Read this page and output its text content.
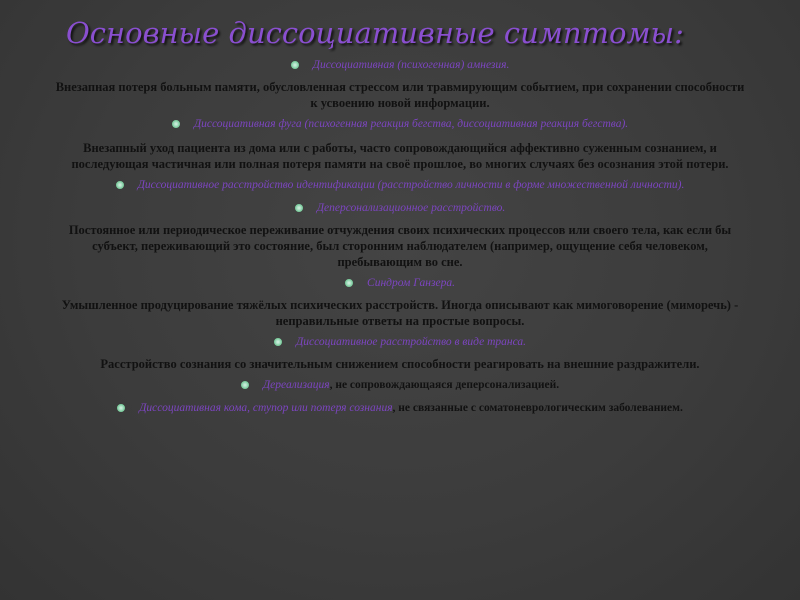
Основные диссоциативные симптомы:

Диссоциативная (психогенная) амнезия.

Внезапная потеря больным памяти, обусловленная стрессом или травмирующим событием, при сохранении способности к усвоению новой информации.

Диссоциативная фуга (психогенная реакция бегства, диссоциативная реакция бегства).

Внезапный уход пациента из дома или с работы, часто сопровождающийся аффективно суженным сознанием, и последующая частичная или полная потеря памяти на своё прошлое, во многих случаях без осознания этой потери.

Диссоциативное расстройство идентификации (расстройство личности в форме множественной личности).

Деперсонализационное расстройство.

Постоянное или периодическое переживание отчуждения своих психических процессов или своего тела, как если бы субъект, переживающий это состояние, был сторонним наблюдателем (например, ощущение себя человеком, пребывающим во сне.

Синдром Ганзера.

Умышленное продуцирование тяжёлых психических расстройств. Иногда описывают как мимоговорение (миморечь) - неправильные ответы на простые вопросы.

Диссоциативное расстройство в виде транса.

Расстройство сознания со значительным снижением способности реагировать на внешние раздражители.

Дереализация, не сопровождающаяся деперсонализацией.

Диссоциативная кома, ступор или потеря сознания, не связанные с соматоневрологическим заболеванием.
